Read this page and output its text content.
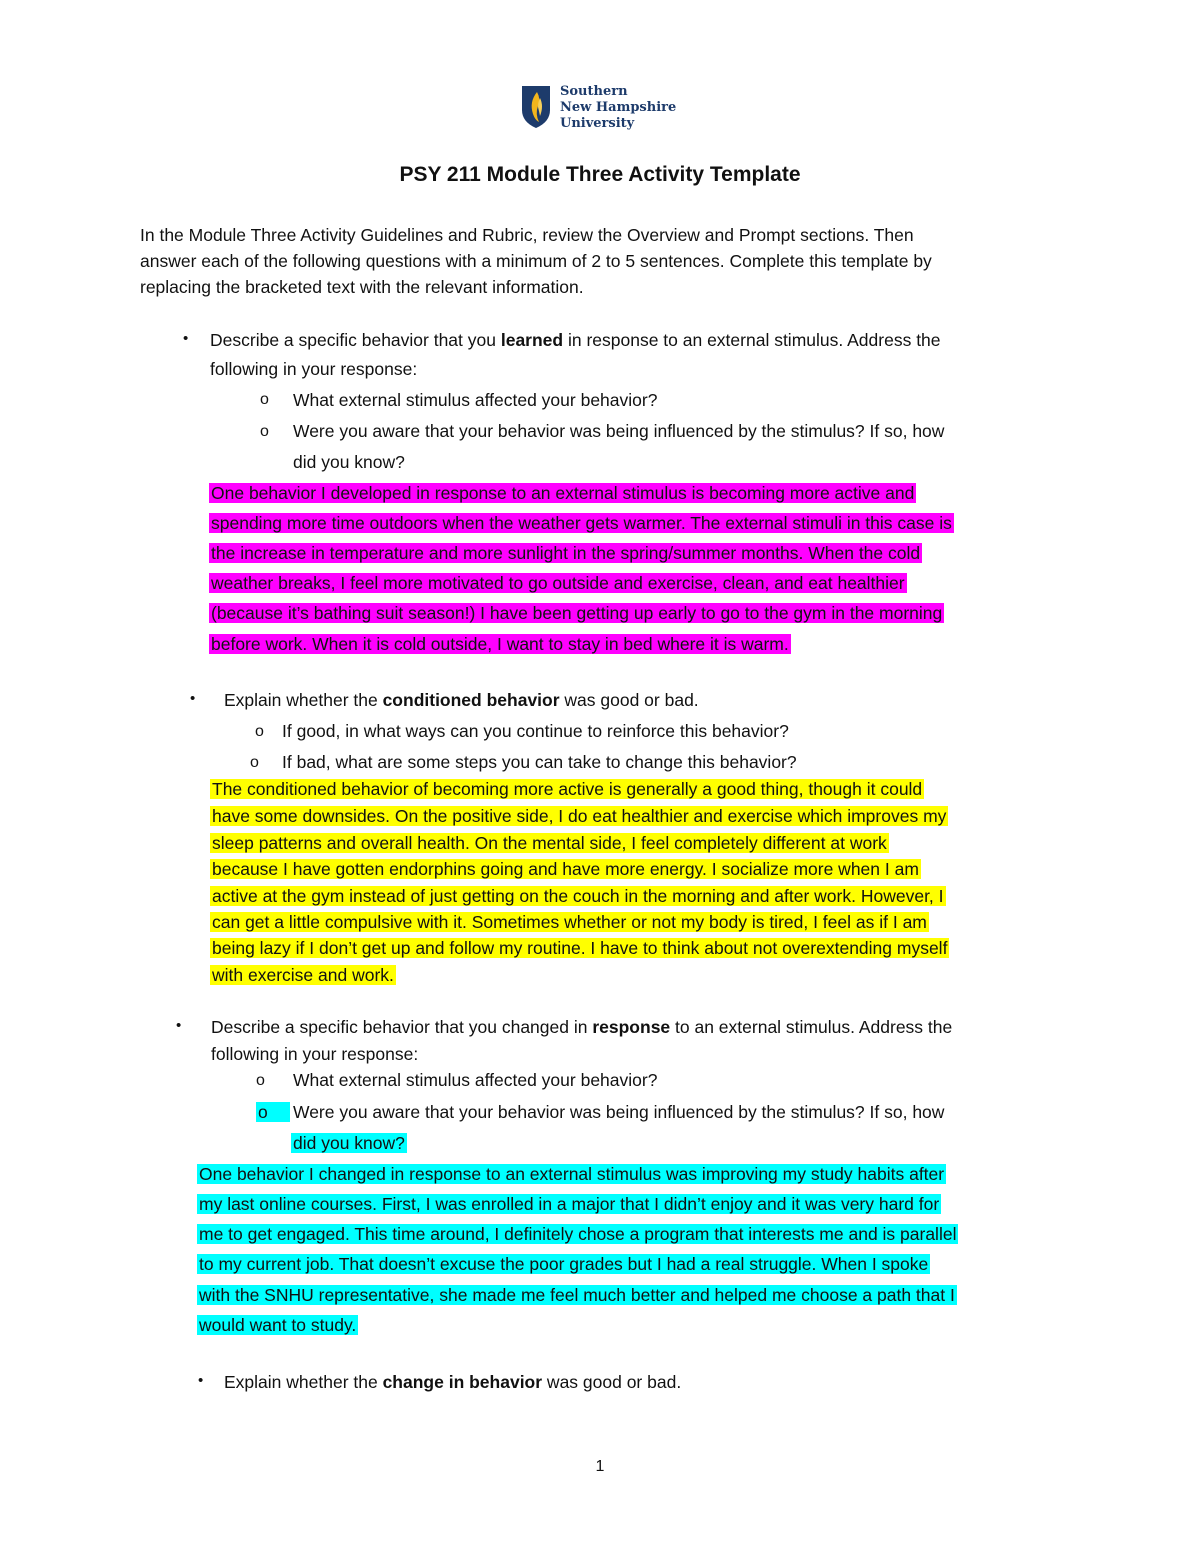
Southern
New Hampshire
University
PSY 211 Module Three Activity Template
In the Module Three Activity Guidelines and Rubric, review the Overview and Prompt sections. Then
answer each of the following questions with a minimum of 2 to 5 sentences. Complete this template by
replacing the bracketed text with the relevant information.
• Describe a specific behavior that you learned in response to an external stimulus. Address the
following in your response:
o What external stimulus affected your behavior?
o Were you aware that your behavior was being influenced by the stimulus? If so, how
did you know?
One behavior I developed in response to an external stimulus is becoming more active and
spending more time outdoors when the weather gets warmer. The external stimuli in this case is
the increase in temperature and more sunlight in the spring/summer months. When the cold
weather breaks, I feel more motivated to go outside and exercise, clean, and eat healthier
(because it’s bathing suit season!) I have been getting up early to go to the gym in the morning
before work. When it is cold outside, I want to stay in bed where it is warm.
• Explain whether the conditioned behavior was good or bad.
o If good, in what ways can you continue to reinforce this behavior?
o If bad, what are some steps you can take to change this behavior?
The conditioned behavior of becoming more active is generally a good thing, though it could
have some downsides. On the positive side, I do eat healthier and exercise which improves my
sleep patterns and overall health. On the mental side, I feel completely different at work
because I have gotten endorphins going and have more energy. I socialize more when I am
active at the gym instead of just getting on the couch in the morning and after work. However, I
can get a little compulsive with it. Sometimes whether or not my body is tired, I feel as if I am
being lazy if I don’t get up and follow my routine. I have to think about not overextending myself
with exercise and work.
• Describe a specific behavior that you changed in response to an external stimulus. Address the
following in your response:
o What external stimulus affected your behavior?
o Were you aware that your behavior was being influenced by the stimulus? If so, how
did you know?
One behavior I changed in response to an external stimulus was improving my study habits after
my last online courses. First, I was enrolled in a major that I didn’t enjoy and it was very hard for
me to get engaged. This time around, I definitely chose a program that interests me and is parallel
to my current job. That doesn’t excuse the poor grades but I had a real struggle. When I spoke
with the SNHU representative, she made me feel much better and helped me choose a path that I
would want to study.
• Explain whether the change in behavior was good or bad.
1
